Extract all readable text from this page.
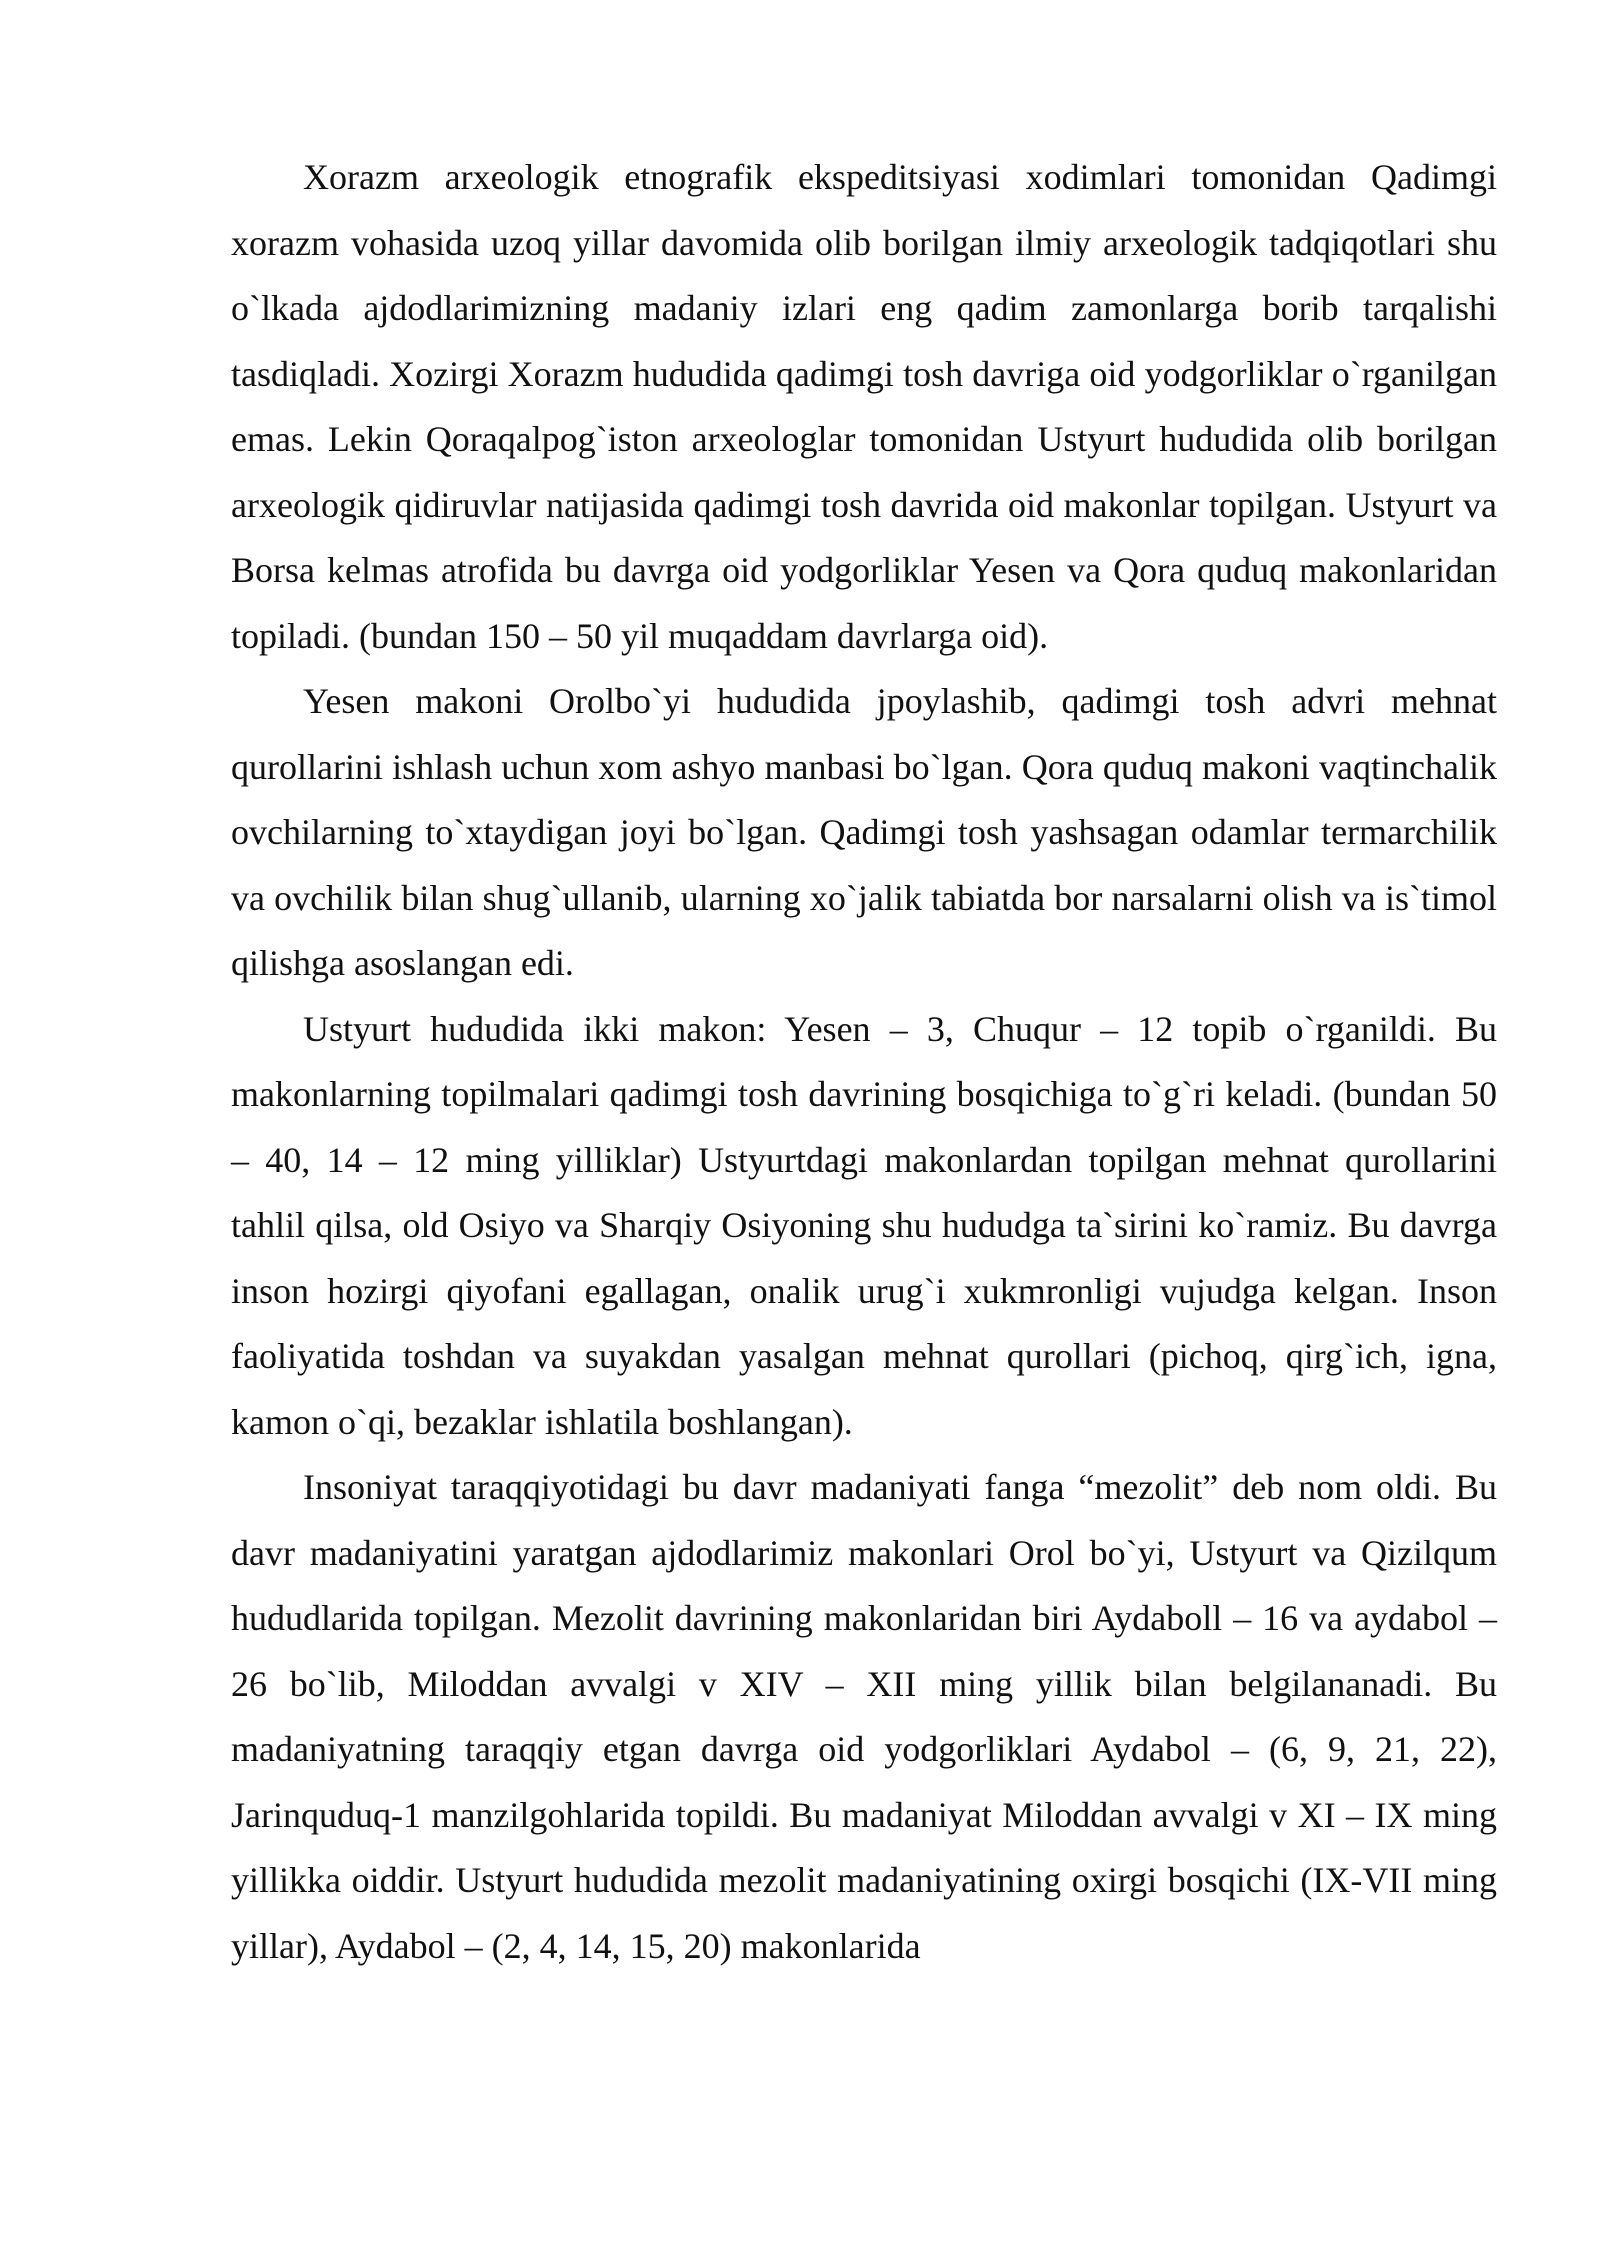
Xorazm arxeologik etnografik ekspeditsiyasi xodimlari tomonidan Qadimgi xorazm vohasida uzoq yillar davomida olib borilgan ilmiy arxeologik tadqiqotlari shu o`lkada ajdodlarimizning madaniy izlari eng qadim zamonlarga borib tarqalishi tasdiqladi. Xozirgi Xorazm hududida qadimgi tosh davriga oid yodgorliklar o`rganilgan emas. Lekin Qoraqalpog`iston arxeologlar tomonidan Ustyurt hududida olib borilgan arxeologik qidiruvlar natijasida qadimgi tosh davrida oid makonlar topilgan. Ustyurt va Borsa kelmas atrofida bu davrga oid yodgorliklar Yesen va Qora quduq makonlaridan topiladi. (bundan 150 – 50 yil muqaddam davrlarga oid).

Yesen makoni Orolbo`yi hududida jpoylashib, qadimgi tosh advri mehnat qurollarini ishlash uchun xom ashyo manbasi bo`lgan. Qora quduq makoni vaqtinchalik ovchilarning to`xtaydigan joyi bo`lgan. Qadimgi tosh yashsagan odamlar termarchilik va ovchilik bilan shug`ullanib, ularning xo`jalik tabiatda bor narsalarni olish va is`timol qilishga asoslangan edi.

Ustyurt hududida ikki makon: Yesen – 3, Chuqur – 12 topib o`rganildi. Bu makonlarning topilmalari qadimgi tosh davrining bosqichiga to`g`ri keladi. (bundan 50 – 40, 14 – 12 ming yilliklar) Ustyurtdagi makonlardan topilgan mehnat qurollarini tahlil qilsa, old Osiyo va Sharqiy Osiyoning shu hududga ta`sirini ko`ramiz. Bu davrga inson hozirgi qiyofani egallagan, onalik urug`i xukmronligi vujudga kelgan. Inson faoliyatida toshdan va suyakdan yasalgan mehnat qurollari (pichoq, qirg`ich, igna, kamon o`qi, bezaklar ishlatila boshlangan).

Insoniyat taraqqiyotidagi bu davr madaniyati fanga “mezolit” deb nom oldi. Bu davr madaniyatini yaratgan ajdodlarimiz makonlari Orol bo`yi, Ustyurt va Qizilqum hududlarida topilgan. Mezolit davrining makonlaridan biri Aydaboll – 16 va aydabol – 26 bo`lib, Miloddan avvalgi v XIV – XII ming yillik bilan belgilananadi. Bu madaniyatning taraqqiy etgan davrga oid yodgorliklari Aydabol – (6, 9, 21, 22), Jarinquduq-1 manzilgohlarida topildi. Bu madaniyat Miloddan avvalgi v XI – IX ming yillikka oiddir. Ustyurt hududida mezolit madaniyatining oxirgi bosqichi (IX-VII ming yillar), Aydabol – (2, 4, 14, 15, 20) makonlarida
